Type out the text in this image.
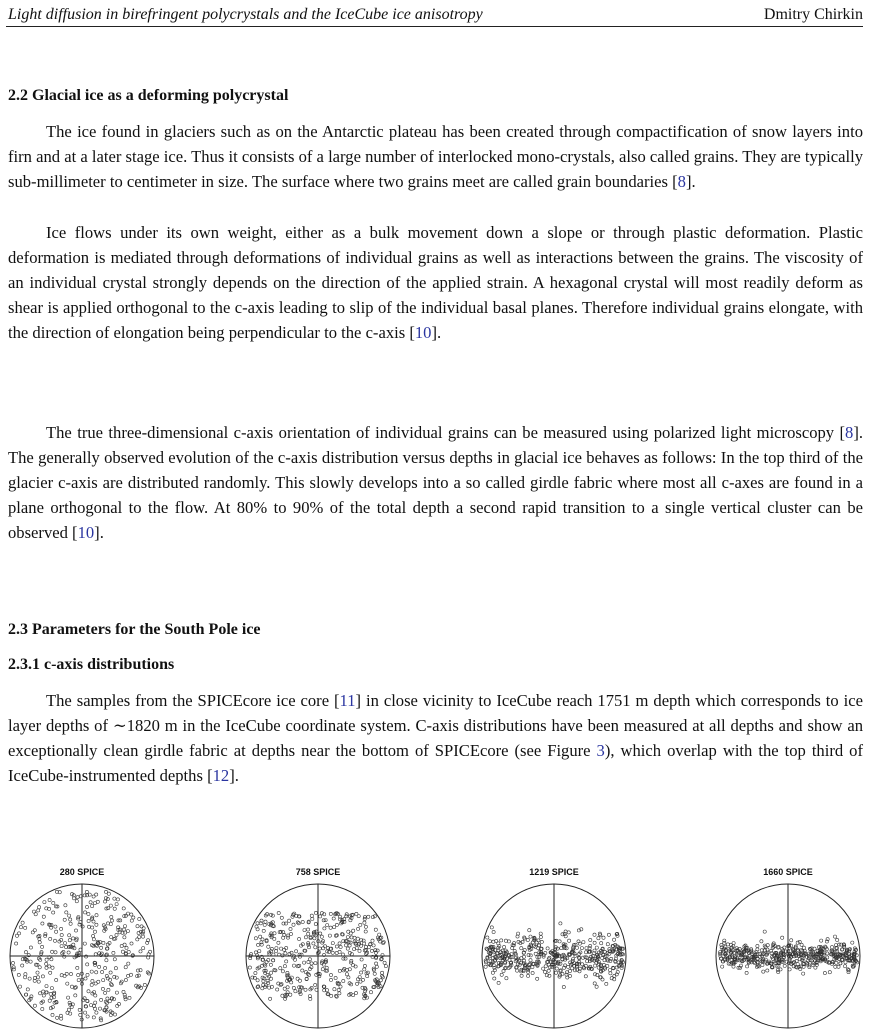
Light diffusion in birefringent polycrystals and the IceCube ice anisotropy	Dmitry Chirkin
2.2 Glacial ice as a deforming polycrystal

The ice found in glaciers such as on the Antarctic plateau has been created through compactification of snow layers into firn and at a later stage ice. Thus it consists of a large number of interlocked mono-crystals, also called grains. They are typically sub-millimeter to centimeter in size. The surface where two grains meet are called grain boundaries [8].

Ice flows under its own weight, either as a bulk movement down a slope or through plastic deformation. Plastic deformation is mediated through deformations of individual grains as well as interactions between the grains. The viscosity of an individual crystal strongly depends on the direction of the applied strain. A hexagonal crystal will most readily deform as shear is applied orthogonal to the c-axis leading to slip of the individual basal planes. Therefore individual grains elongate, with the direction of elongation being perpendicular to the c-axis [10].

The true three-dimensional c-axis orientation of individual grains can be measured using polarized light microscopy [8]. The generally observed evolution of the c-axis distribution versus depths in glacial ice behaves as follows: In the top third of the glacier c-axis are distributed randomly. This slowly develops into a so called girdle fabric where most all c-axes are found in a plane orthogonal to the flow. At 80% to 90% of the total depth a second rapid transition to a single vertical cluster can be observed [10].

2.3 Parameters for the South Pole ice
2.3.1 c-axis distributions

The samples from the SPICEcore ice core [11] in close vicinity to IceCube reach 1751 m depth which corresponds to ice layer depths of ∼1820 m in the IceCube coordinate system. C-axis distributions have been measured at all depths and show an exceptionally clean girdle fabric at depths near the bottom of SPICEcore (see Figure 3), which overlap with the top third of IceCube-instrumented depths [12].

280 SPICE	758 SPICE	1219 SPICE	1660 SPICE
